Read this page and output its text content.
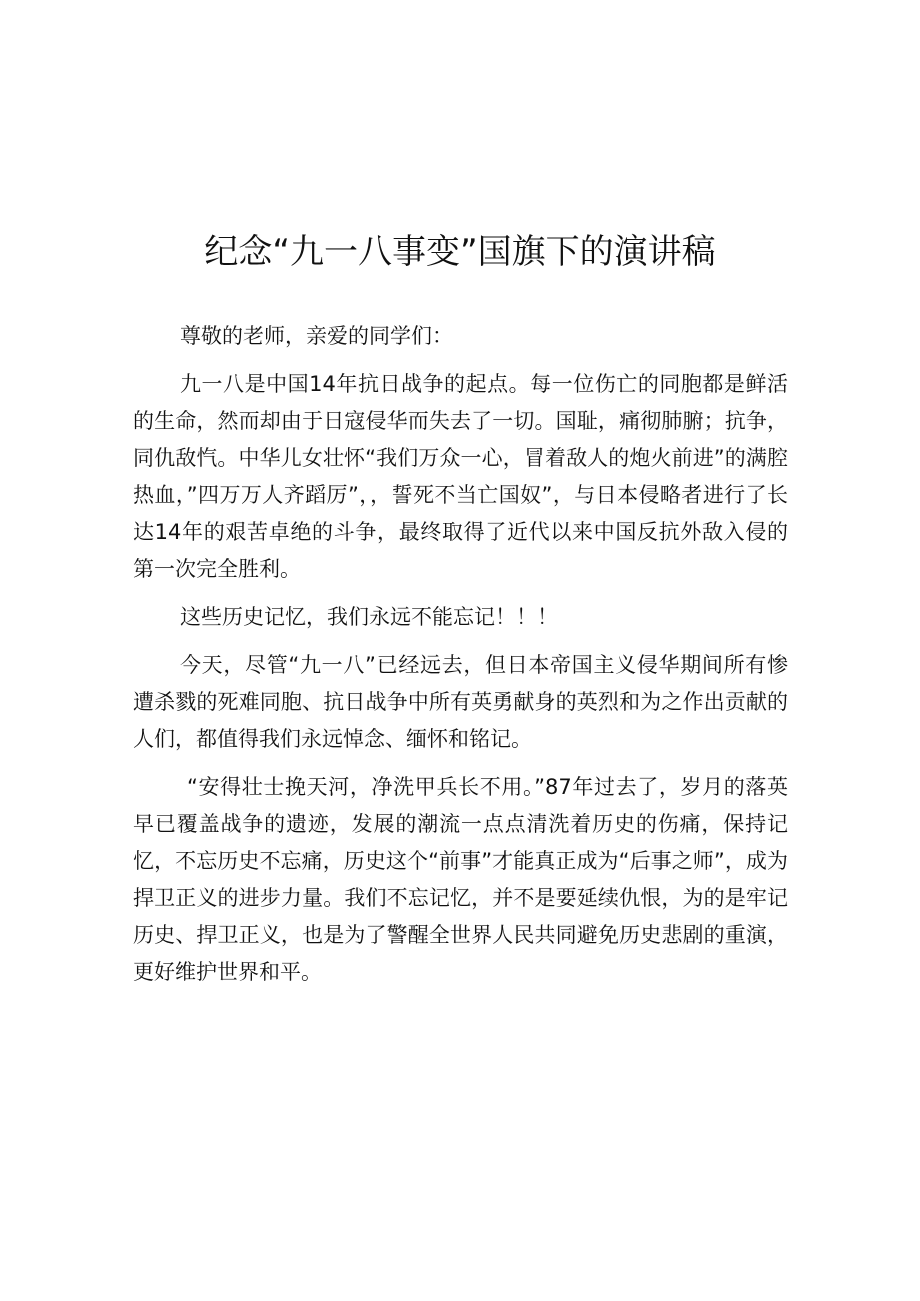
纪念“九一八事变”国旗下的演讲稿

尊敬的老师，亲爱的同学们：

九一八是中国14年抗日战争的起点。每一位伤亡的同胞都是鲜活的生命，然而却由于日寇侵华而失去了一切。国耻，痛彻肺腑；抗争，同仇敌忾。中华儿女壮怀“我们万众一心，冒着敌人的炮火前进”的满腔热血，”四万万人齐蹈厉”，，誓死不当亡国奴”，与日本侵略者进行了长达14年的艰苦卓绝的斗争，最终取得了近代以来中国反抗外敌入侵的第一次完全胜利。

这些历史记忆，我们永远不能忘记！！！

今天，尽管“九一八”已经远去，但日本帝国主义侵华期间所有惨遭杀戮的死难同胞、抗日战争中所有英勇献身的英烈和为之作出贡献的人们，都值得我们永远悼念、缅怀和铭记。

“安得壮士挽天河，净洗甲兵长不用。”87年过去了，岁月的落英早已覆盖战争的遗迹，发展的潮流一点点清洗着历史的伤痛，保持记忆，不忘历史不忘痛，历史这个“前事”才能真正成为“后事之师”，成为捍卫正义的进步力量。我们不忘记忆，并不是要延续仇恨，为的是牢记历史、捍卫正义，也是为了警醒全世界人民共同避免历史悲剧的重演，更好维护世界和平。
